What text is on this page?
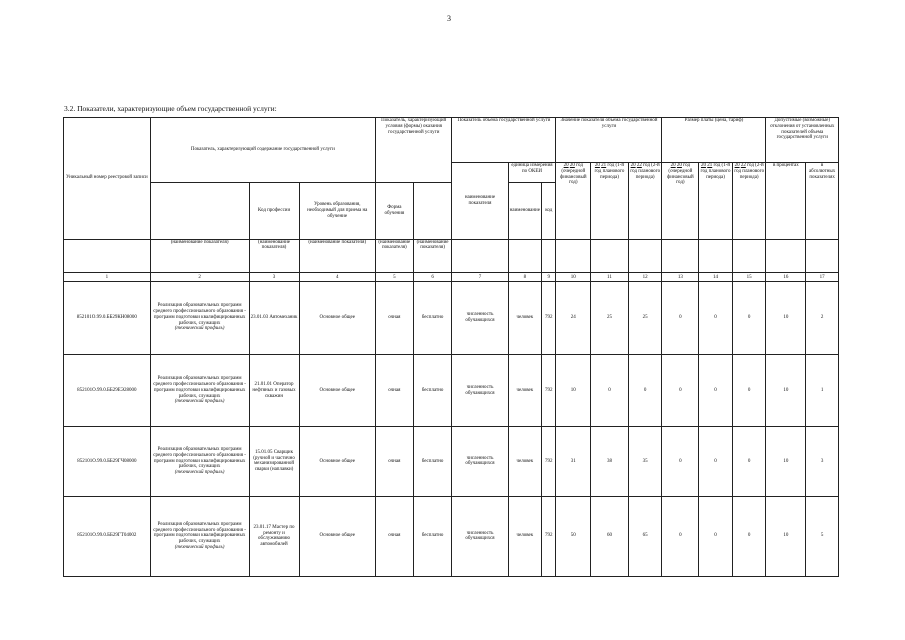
3
3.2. Показатели, характеризующие объем государственной услуги:
Уникальный номер реестровой записи	Показатель, характеризующий содержание государственной услуги			Показатель, характеризующий условия (формы) оказания государственной услуги		Показатель объема государственной услуги			Значение показателя объема государственной услуги			Размер платы (цена, тариф)			Допустимые (возможные) отклонения от установленных показателей объема государственной услуги	
						наименование показателя	единица измерения по ОКЕИ		20 20 год (очередной финансовый год)	20 21 год (1-й год планового периода)	20 22 год (2-й год планового периода)	20 20 год (очередной финансовый год)	20 21 год (1-й год планового периода)	20 22 год (2-й год планового периода)	в процентах	в абсолютных показателях
		Код профессии	Уровень образования, необходимый для приема на обучение	Форма обучения			наименование	код								
	(наименование показателя)	(наименование показателя)	(наименование показателя)	(наименование показателя)	(наименование показателя)											
1	2	3	4	5	6	7	8	9	10	11	12	13	14	15	16	17
852101О.99.0.ББ29КН08000	Реализация образовательных программ среднего профессионального образования - программ подготовки квалифицированных рабочих, служащих
(технический профиль)	23.01.03 Автомеханик	Основное общее	очная	бесплатно	численность обучающихся	человек	792	24	25	25	0	0	0	10	2
852101О.99.0.ББ29ЕЭ28000	Реализация образовательных программ среднего профессионального образования - программ подготовки квалифицированных рабочих, служащих
(технический профиль)	21.01.01 Оператор нефтяных и газовых скважин	Основное общее	очная	бесплатно	численность обучающихся	человек	792	10	0	0	0	0	0	10	1
852101О.99.0.ББ29ГЧ08000	Реализация образовательных программ среднего профессионального образования - программ подготовки квалифицированных рабочих, служащих
(технический профиль)	15.01.05 Сварщик (ручной и частично механизированной сварки (наплавки)	Основное общее	очная	бесплатно	численность обучающихся	человек	792	31	38	35	0	0	0	10	3
852101О.99.0.ББ29ГТ04002	Реализация образовательных программ среднего профессионального образования - программ подготовки квалифицированных рабочих, служащих
(технический профиль)	23.01.17 Мастер по ремонту и обслуживанию автомобилей	Основное общее	очная	бесплатно	численность обучающихся	человек	792	50	60	65	0	0	0	10	5
